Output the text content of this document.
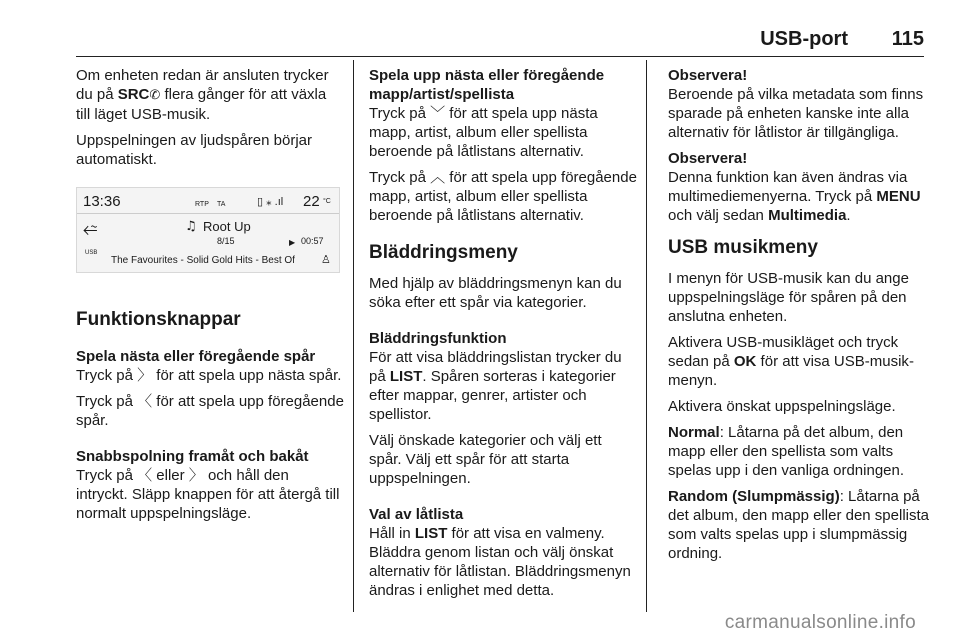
USB-port 115

Om enheten redan är ansluten trycker du på SRC✆ flera gånger för att växla till läget USB-musik.

Uppspelningen av ljudspåren börjar automatiskt.

13:36	RTP TA	▯ ⁎ .ıl 22 °C
♫ Root Up
8/15	▶ 00:57
⭉
USB
The Favourites - Solid Gold Hits - Best Of ♙
Funktionsknappar

Spela nästa eller föregående spår

Tryck på 〉 för att spela upp nästa spår.

Tryck på 〈 för att spela upp föregående spår.

Snabbspolning framåt och bakåt

Tryck på 〈 eller 〉 och håll den intryckt. Släpp knappen för att återgå till normalt uppspelningsläge.

Spela upp nästa eller föregående mapp/artist/spellista

Tryck på ﹀ för att spela upp nästa mapp, artist, album eller spellista beroende på låtlistans alternativ.

Tryck på ︿ för att spela upp föregående mapp, artist, album eller spellista beroende på låtlistans alternativ.

Bläddringsmeny

Med hjälp av bläddringsmenyn kan du söka efter ett spår via kategorier.

Bläddringsfunktion

För att visa bläddringslistan trycker du på LIST. Spåren sorteras i kategorier efter mappar, genrer, artister och spellistor.

Välj önskade kategorier och välj ett spår. Välj ett spår för att starta uppspelningen.

Val av låtlista

Håll in LIST för att visa en valmeny. Bläddra genom listan och välj önskat alternativ för låtlistan. Bläddringsmenyn ändras i enlighet med detta.

Observera!

Beroende på vilka metadata som finns sparade på enheten kanske inte alla alternativ för låtlistor är tillgängliga.

Observera!

Denna funktion kan även ändras via multimediemenyerna. Tryck på MENU och välj sedan Multimedia.

USB musikmeny

I menyn för USB-musik kan du ange uppspelningsläge för spåren på den anslutna enheten.

Aktivera USB-musikläget och tryck sedan på OK för att visa USB-musikmenyn.

Aktivera önskat uppspelningsläge.

Normal: Låtarna på det album, den mapp eller den spellista som valts spelas upp i den vanliga ordningen.

Random (Slumpmässig): Låtarna på det album, den mapp eller den spellista som valts spelas upp i slumpmässig ordning.

carmanualsonline.info
